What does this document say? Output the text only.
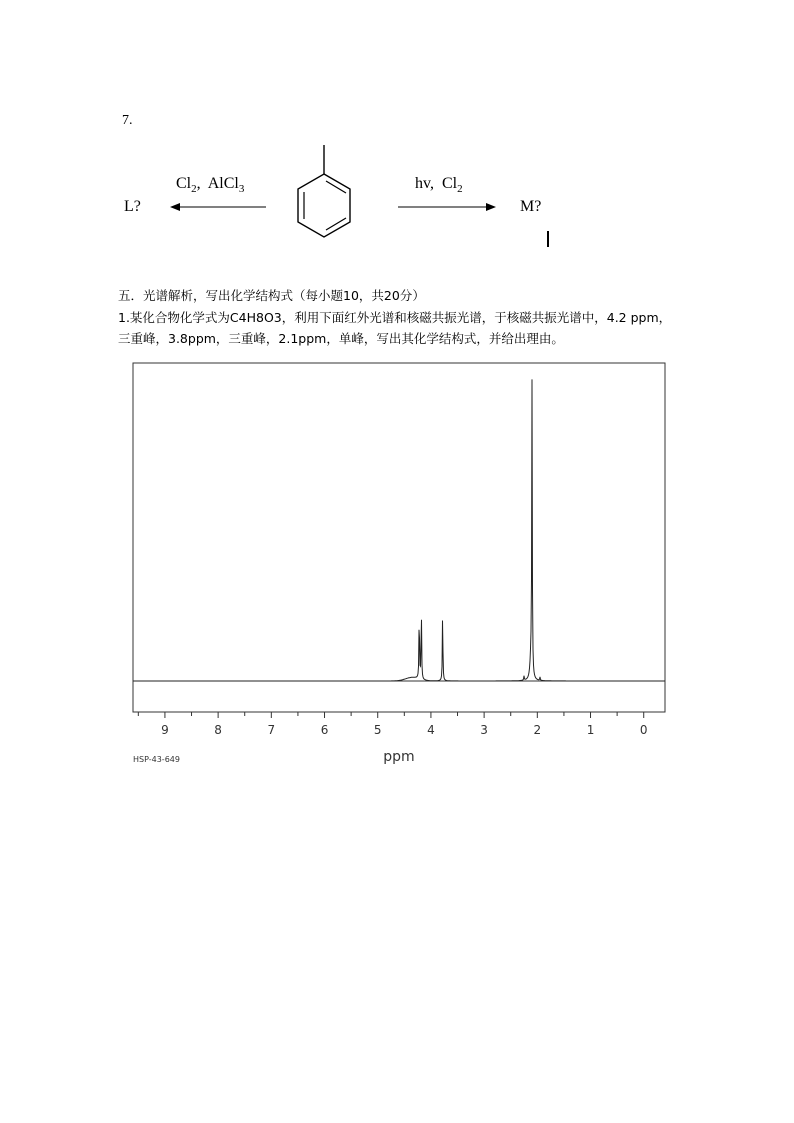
7.
$Cl_2$,  AlCl$_3$
L?
hv,  $Cl_2$
M?
五．光谱解析，写出化学结构式（每小题10，共20分）
1.某化合物化学式为C4H8O3，利用下面红外光谱和核磁共振光谱，于核磁共振光谱中，4.2 ppm，三重峰，3.8ppm，三重峰，2.1ppm，单峰，写出其化学结构式，并给出理由。
9	8	7	6	5	4	3	2	1	0
ppm
HSP-43-649
